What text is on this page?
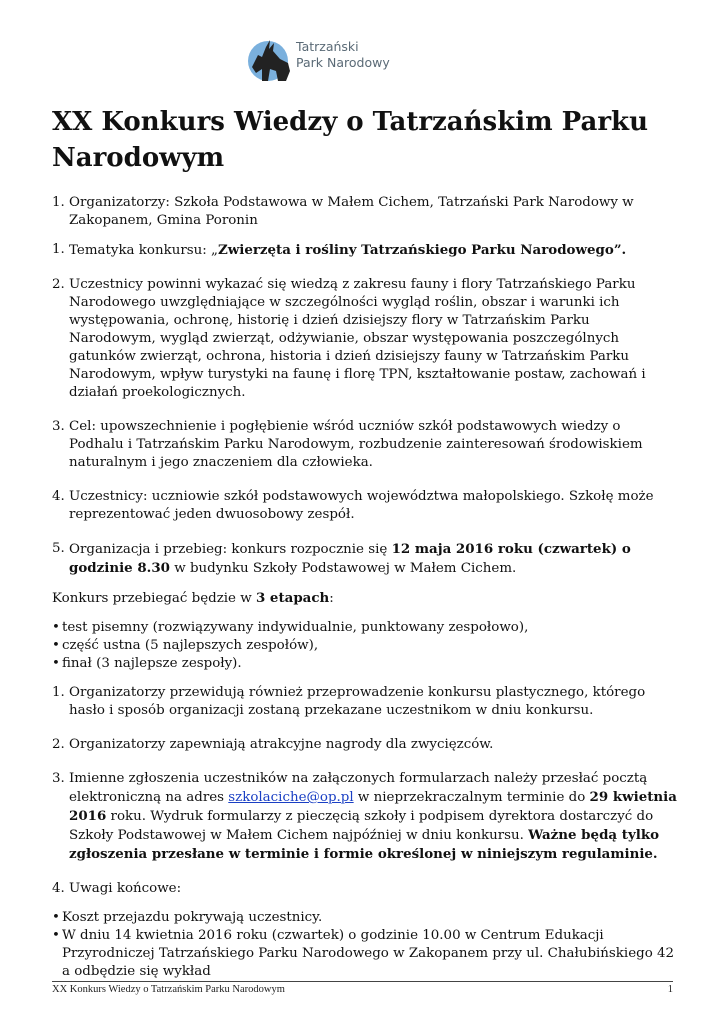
Tatrzański
Park Narodowy
XX Konkurs Wiedzy o Tatrzańskim Parku Narodowym
1. Organizatorzy: Szkoła Podstawowa w Małem Cichem, Tatrzański Park Narodowy w Zakopanem, Gmina Poronin
1. Tematyka konkursu: „Zwierzęta i rośliny Tatrzańskiego Parku Narodowego”.
2. Uczestnicy powinni wykazać się wiedzą z zakresu fauny i flory Tatrzańskiego Parku Narodowego uwzględniające w szczególności wygląd roślin, obszar i warunki ich występowania, ochronę, historię i dzień dzisiejszy flory w Tatrzańskim Parku Narodowym, wygląd zwierząt, odżywianie, obszar występowania poszczególnych gatunków zwierząt, ochrona, historia i dzień dzisiejszy fauny w Tatrzańskim Parku Narodowym, wpływ turystyki na faunę i florę TPN, kształtowanie postaw, zachowań i działań proekologicznych.
3. Cel: upowszechnienie i pogłębienie wśród uczniów szkół podstawowych wiedzy o Podhalu i Tatrzańskim Parku Narodowym, rozbudzenie zainteresowań środowiskiem naturalnym i jego znaczeniem dla człowieka.
4. Uczestnicy: uczniowie szkół podstawowych województwa małopolskiego. Szkołę może reprezentować jeden dwuosobowy zespół.
5. Organizacja i przebieg: konkurs rozpocznie się 12 maja 2016 roku (czwartek) o godzinie 8.30 w budynku Szkoły Podstawowej w Małem Cichem.
Konkurs przebiegać będzie w 3 etapach:
• test pisemny (rozwiązywany indywidualnie, punktowany zespołowo),
• część ustna (5 najlepszych zespołów),
• finał (3 najlepsze zespoły).
1. Organizatorzy przewidują również przeprowadzenie konkursu plastycznego, którego hasło i sposób organizacji zostaną przekazane uczestnikom w dniu konkursu.
2. Organizatorzy zapewniają atrakcyjne nagrody dla zwycięzców.
3. Imienne zgłoszenia uczestników na załączonych formularzach należy przesłać pocztą elektroniczną na adres szkolaciche@op.pl w nieprzekraczalnym terminie do 29 kwietnia 2016 roku. Wydruk formularzy z pieczęcią szkoły i podpisem dyrektora dostarczyć do Szkoły Podstawowej w Małem Cichem najpóźniej w dniu konkursu. Ważne będą tylko zgłoszenia przesłane w terminie i formie określonej w niniejszym regulaminie.
4. Uwagi końcowe:
• Koszt przejazdu pokrywają uczestnicy.
• W dniu 14 kwietnia 2016 roku (czwartek) o godzinie 10.00 w Centrum Edukacji Przyrodniczej Tatrzańskiego Parku Narodowego w Zakopanem przy ul. Chałubińskiego 42 a odbędzie się wykład
XX Konkurs Wiedzy o Tatrzańskim Parku Narodowym	1
